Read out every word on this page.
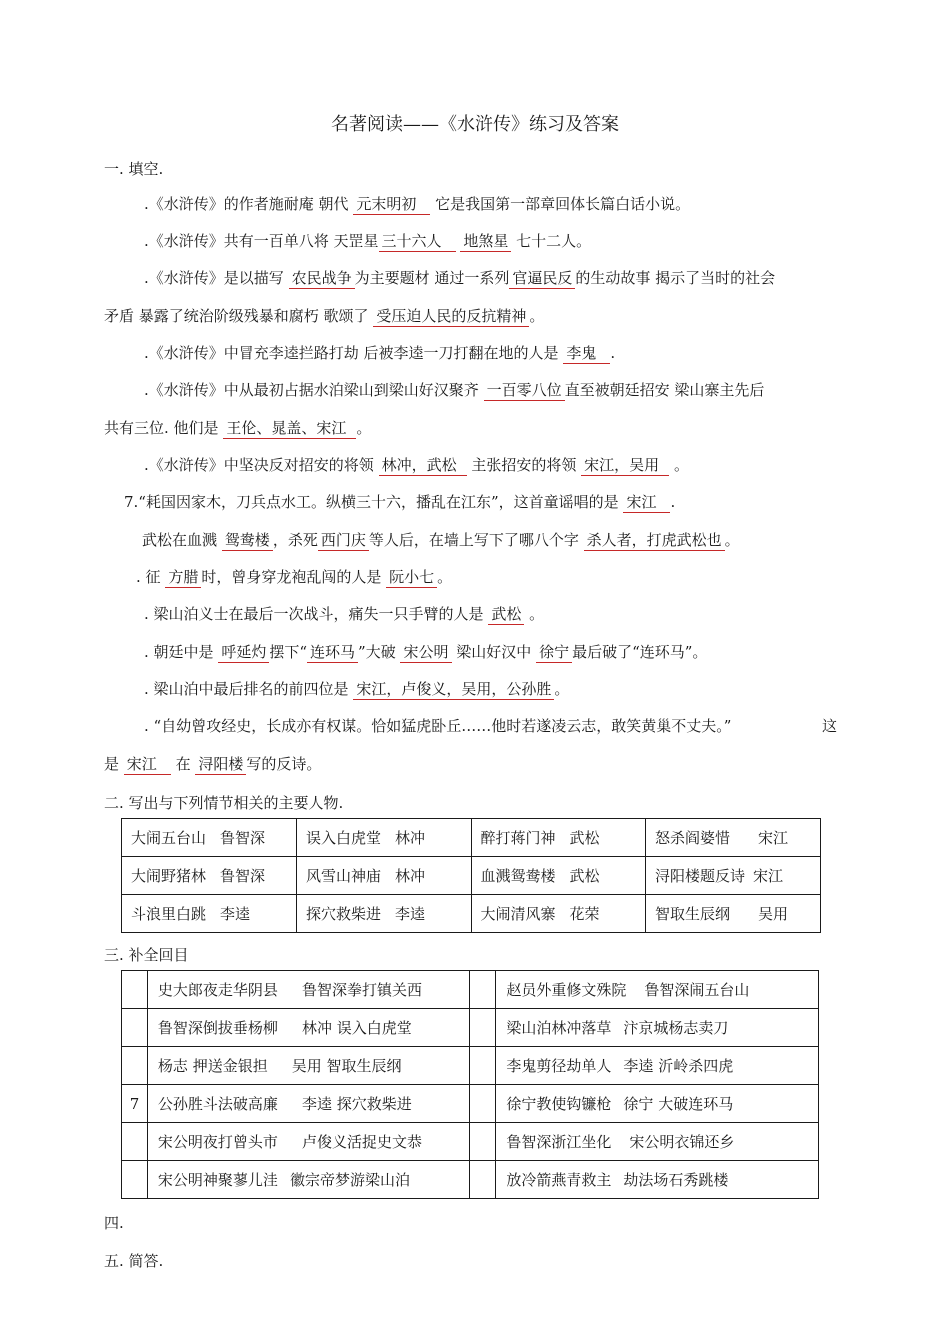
名著阅读——《水浒传》练习及答案
一. 填空.
.《水浒传》的作者施耐庵 朝代 元末明初 它是我国第一部章回体长篇白话小说。
.《水浒传》共有一百单八将 天罡星 三十六人 地煞星 七十二人。
.《水浒传》是以描写 农民战争 为主要题材 通过一系列 官逼民反 的生动故事 揭示了当时的社会
矛盾 暴露了统治阶级残暴和腐朽 歌颂了 受压迫人民的反抗精神 。
.《水浒传》中冒充李逵拦路打劫 后被李逵一刀打翻在地的人是 李鬼 .
.《水浒传》中从最初占据水泊梁山到梁山好汉聚齐 一百零八位 直至被朝廷招安 梁山寨主先后
共有三位. 他们是 王伦、晁盖、宋江 。
.《水浒传》中坚决反对招安的将领 林冲，武松 主张招安的将领 宋江，吴用 。
7.“耗国因家木，刀兵点水工。纵横三十六，播乱在江东”，这首童谣唱的是 宋江 .
武松在血溅 鸳鸯楼 ，杀死 西门庆 等人后，在墙上写下了哪八个字 杀人者，打虎武松也 。
. 征 方腊 时，曾身穿龙袍乱闯的人是 阮小七 。
. 梁山泊义士在最后一次战斗，痛失一只手臂的人是 武松 。
. 朝廷中是 呼延灼 摆下“ 连环马 ”大破 宋公明 梁山好汉中 徐宁 最后破了“连环马”。
. 梁山泊中最后排名的前四位是 宋江，卢俊义，吴用，公孙胜 。
. “自幼曾攻经史，长成亦有权谋。恰如猛虎卧丘……他时若遂凌云志，敢笑黄巢不丈夫。”	这
是 宋江 在 浔阳楼 写的反诗。
二. 写出与下列情节相关的主要人物.
大闹五台山 鲁智深	误入白虎堂 林冲	醉打蒋门神 武松	怒杀阎婆惜 宋江
大闹野猪林 鲁智深	风雪山神庙 林冲	血溅鸳鸯楼 武松	浔阳楼题反诗 宋江
斗浪里白跳 李逵	探穴救柴进 李逵	大闹清风寨 花荣	智取生辰纲 吴用
三. 补全回目
	史大郎夜走华阴县 鲁智深拳打镇关西		赵员外重修文殊院 鲁智深闹五台山
	鲁智深倒拔垂杨柳 林冲 误入白虎堂		梁山泊林冲落草 汴京城杨志卖刀
	杨志 押送金银担 吴用 智取生辰纲		李鬼剪径劫单人 李逵 沂岭杀四虎
7	公孙胜斗法破高廉 李逵 探穴救柴进		徐宁教使钩镰枪 徐宁 大破连环马
	宋公明夜打曾头市 卢俊义活捉史文恭		鲁智深浙江坐化 宋公明衣锦还乡
	宋公明神聚蓼儿洼 徽宗帝梦游梁山泊		放冷箭燕青救主 劫法场石秀跳楼
四.
五. 简答.
